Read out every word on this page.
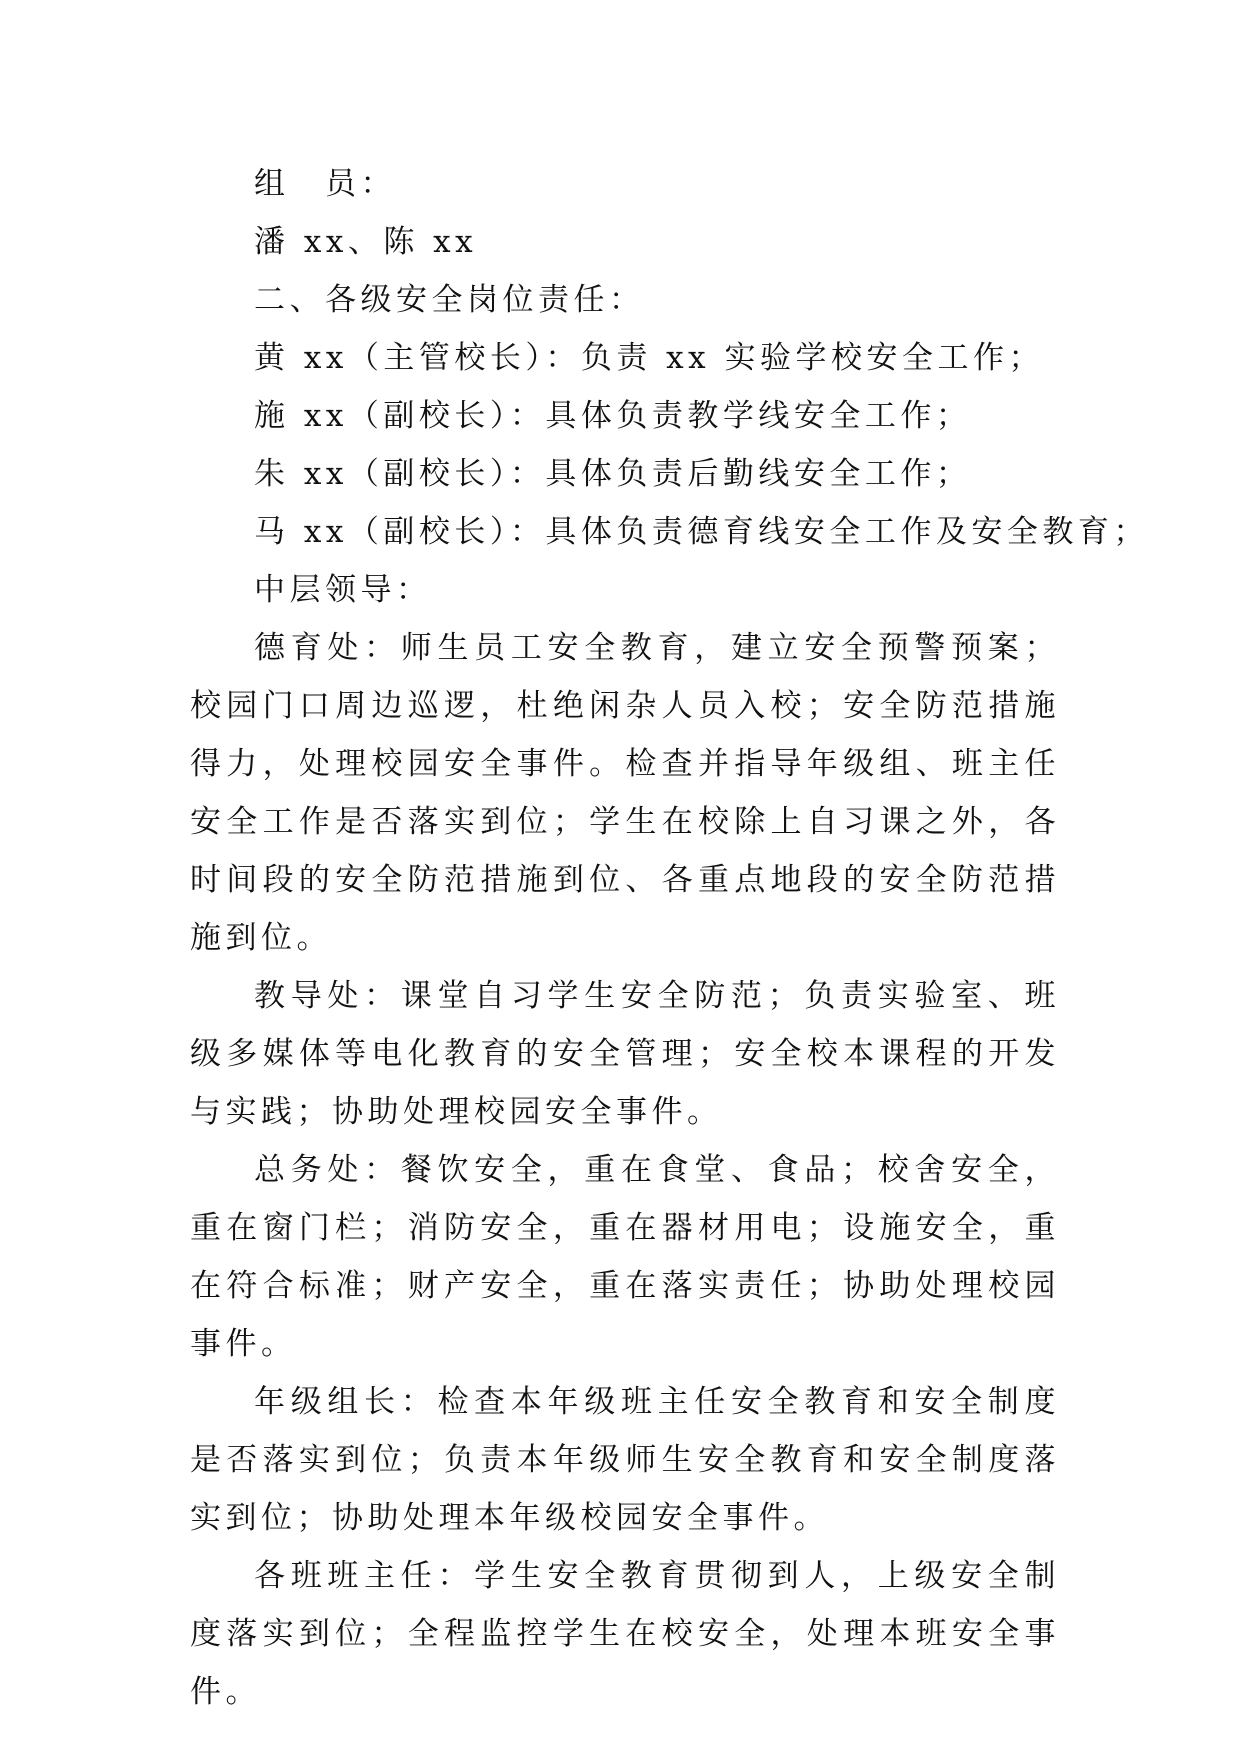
组　员：

潘 xx、陈 xx

二、各级安全岗位责任：

黄 xx（主管校长）：负责 xx 实验学校安全工作；

施 xx（副校长）：具体负责教学线安全工作；

朱 xx（副校长）：具体负责后勤线安全工作；

马 xx（副校长）：具体负责德育线安全工作及安全教育；

中层领导：

德育处：师生员工安全教育，建立安全预警预案；校园门口周边巡逻，杜绝闲杂人员入校；安全防范措施得力，处理校园安全事件。检查并指导年级组、班主任安全工作是否落实到位；学生在校除上自习课之外，各时间段的安全防范措施到位、各重点地段的安全防范措施到位。

教导处：课堂自习学生安全防范；负责实验室、班级多媒体等电化教育的安全管理；安全校本课程的开发与实践；协助处理校园安全事件。

总务处：餐饮安全，重在食堂、食品；校舍安全，重在窗门栏；消防安全，重在器材用电；设施安全，重在符合标准；财产安全，重在落实责任；协助处理校园事件。

年级组长：检查本年级班主任安全教育和安全制度是否落实到位；负责本年级师生安全教育和安全制度落实到位；协助处理本年级校园安全事件。

各班班主任：学生安全教育贯彻到人，上级安全制度落实到位；全程监控学生在校安全，处理本班安全事件。
